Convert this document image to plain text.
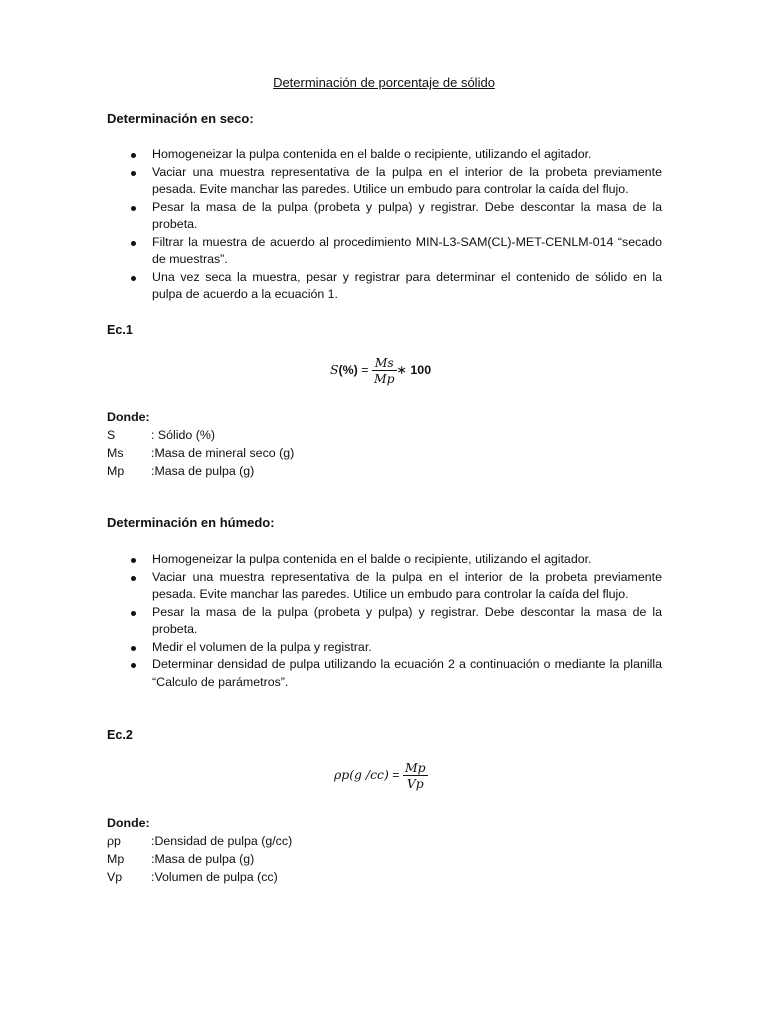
Determinación de porcentaje de sólido
Determinación en seco:
Homogeneizar la pulpa contenida en el balde o recipiente, utilizando el agitador.
Vaciar una muestra representativa de la pulpa en el interior de la probeta previamente pesada. Evite manchar las paredes. Utilice un embudo para controlar la caída del flujo.
Pesar la masa de la pulpa (probeta y pulpa) y registrar. Debe descontar la masa de la probeta.
Filtrar la muestra de acuerdo al procedimiento MIN-L3-SAM(CL)-MET-CENLM-014 “secado de muestras”.
Una vez seca la muestra, pesar y registrar para determinar el contenido de sólido en la pulpa de acuerdo a la ecuación 1.
Ec.1
$S(\%) = \frac{Ms}{Mp}$ ∗ 100
Donde:
S	: Sólido (%)
Ms :Masa de mineral seco (g)
Mp :Masa de pulpa (g)
Determinación en húmedo:
Homogeneizar la pulpa contenida en el balde o recipiente, utilizando el agitador.
Vaciar una muestra representativa de la pulpa en el interior de la probeta previamente pesada. Evite manchar las paredes. Utilice un embudo para controlar la caída del flujo.
Pesar la masa de la pulpa (probeta y pulpa) y registrar. Debe descontar la masa de la probeta.
Medir el volumen de la pulpa y registrar.
Determinar densidad de pulpa utilizando la ecuación 2 a continuación o mediante la planilla “Calculo de parámetros”.
Ec.2
ρp(g $/cc) = \frac{Mp}{Vp}$
Donde:
ρp :Densidad de pulpa (g/cc)
Mp :Masa de pulpa (g)
Vp :Volumen de pulpa (cc)
